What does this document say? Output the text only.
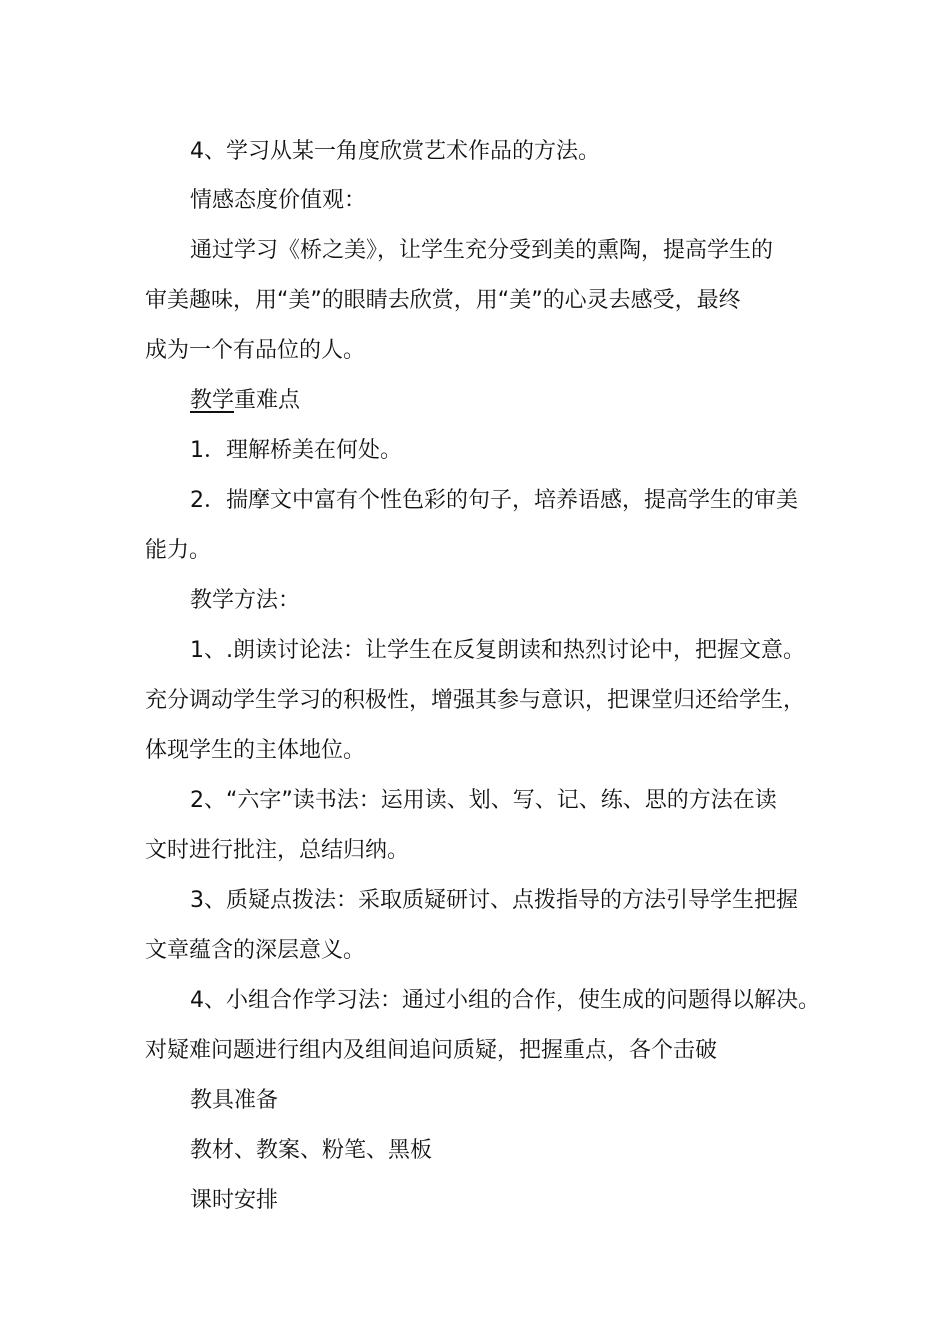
4、学习从某一角度欣赏艺术作品的方法。
情感态度价值观：
通过学习《桥之美》，让学生充分受到美的熏陶，提高学生的
审美趣味，用“美”的眼睛去欣赏，用“美”的心灵去感受，最终
成为一个有品位的人。
教学重难点
1．理解桥美在何处。
2．揣摩文中富有个性色彩的句子，培养语感，提高学生的审美
能力。
教学方法：
1、.朗读讨论法：让学生在反复朗读和热烈讨论中，把握文意。
充分调动学生学习的积极性，增强其参与意识，把课堂归还给学生，
体现学生的主体地位。
2、“六字”读书法：运用读、划、写、记、练、思的方法在读
文时进行批注，总结归纳。
3、质疑点拨法：采取质疑研讨、点拨指导的方法引导学生把握
文章蕴含的深层意义。
4、小组合作学习法：通过小组的合作，使生成的问题得以解决。
对疑难问题进行组内及组间追问质疑，把握重点，各个击破
教具准备
教材、教案、粉笔、黑板
课时安排
